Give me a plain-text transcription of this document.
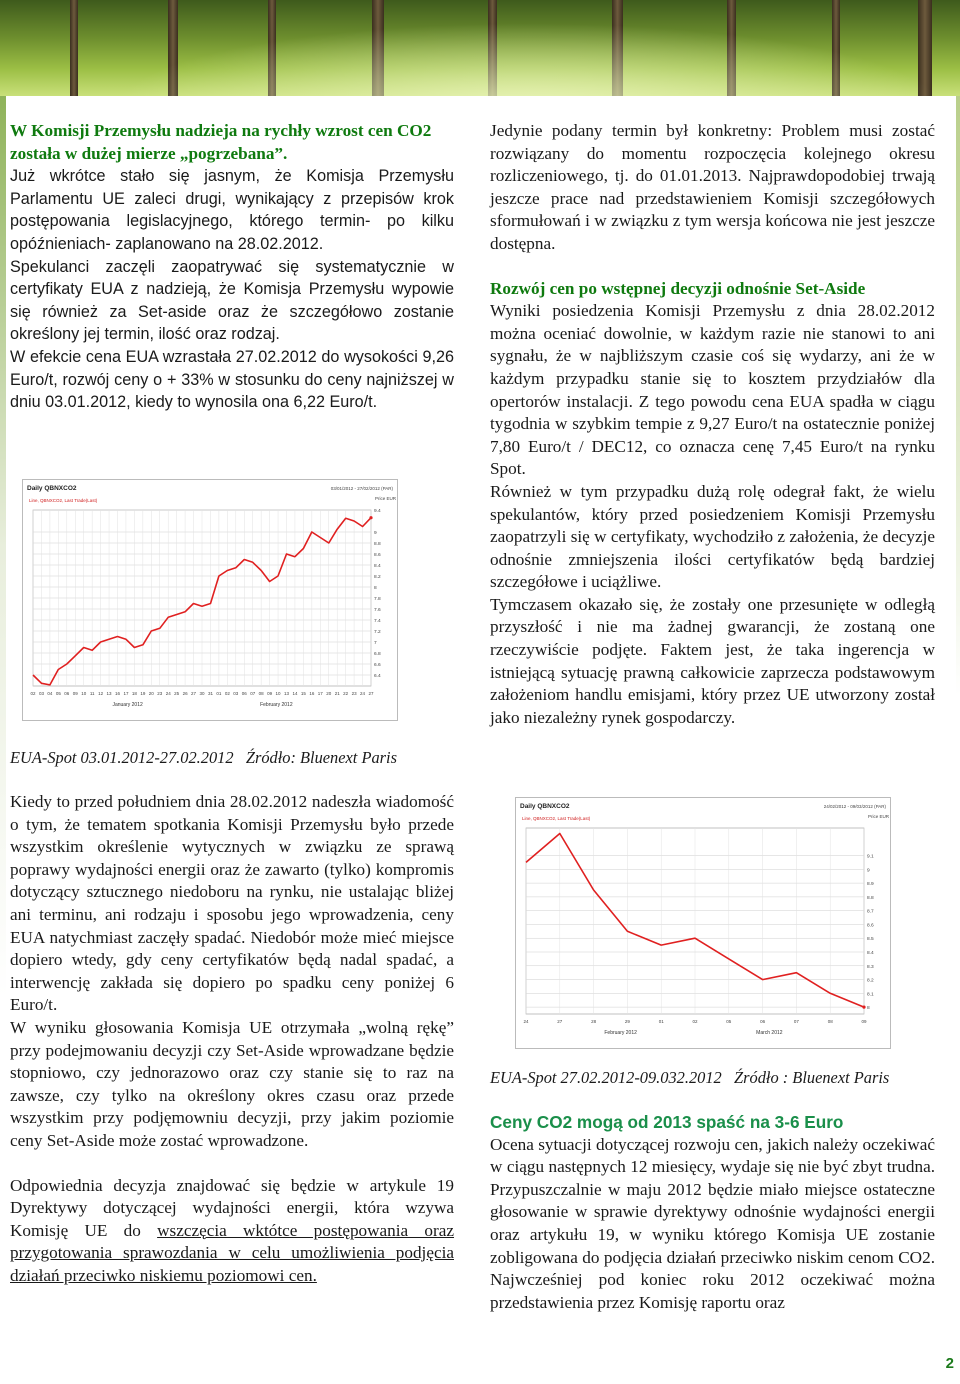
W Komisji Przemysłu nadzieja na rychły wzrost cen CO2 została w dużej mierze „pogrzebana”.

Już wkrótce stało się jasnym, że Komisja Przemysłu Parlamentu UE zaleci drugi, wynikający z przepisów krok postępowania legislacyjnego, którego termin- po kilku opóźnieniach- zaplanowano na 28.02.2012.

Spekulanci zaczęli zaopatrywać się systematycznie w certyfikaty EUA z nadzieją, że Komisja Przemysłu wypowie się również za Set-aside oraz że szczegółowo zostanie określony jej termin, ilość oraz rodzaj.

W efekcie cena EUA wzrastała 27.02.2012 do wysokości 9,26 Euro/t, rozwój ceny o + 33% w stosunku do ceny najniższej w dniu 03.01.2012, kiedy to wynosila ona 6,22 Euro/t.

Daily QBNXCO2
Line, QBNXCO2, Last Trade(Last)
03/01/2012 - 27/02/2012 (PAR)
Price EUR
9.4
9
8.8
8.6
8.4
8.2
8
7.8
7.6
7.4
7.2
7
6.8
6.6
6.4
02 03 04 05 06 09 10 11 12 13 16 17 18 19 20 23 24 25 26 27 30 31 01 02 03 06 07 08 09 10 13 14 15 16 17 20 21 22 23 24 27
January 2012	February 2012

EUA-Spot 03.01.2012-27.02.2012   Źródło: Bluenext Paris

Kiedy to przed południem dnia 28.02.2012 nadeszła wiadomość o tym, że tematem spotkania Komisji Przemysłu było przede wszystkim określenie wytycznych w związku ze sprawą poprawy wydajności energii oraz że zawarto (tylko) kompromis dotyczący sztucznego niedoboru na rynku, nie ustalając bliżej ani terminu, ani rodzaju i sposobu jego wprowadzenia, ceny EUA natychmiast zaczęły spadać. Niedobór może mieć miejsce dopiero wtedy, gdy ceny certyfikatów będą nadal spadać, a interwencję zakłada się dopiero po spadku ceny poniżej 6 Euro/t.

W wyniku głosowania Komisja UE otrzymała „wolną rękę” przy podejmowaniu decyzji czy Set-Aside wprowadzane będzie stopniowo, czy jednorazowo oraz czy stanie się to raz na zawsze, czy tylko na określony okres czasu oraz przede wszystkim przy podjęmowniu decyzji, przy jakim poziomie ceny Set-Aside może zostać wprowadzone.

Odpowiednia decyzja znajdować się będzie w artykule 19 Dyrektywy dotyczącej wydajności energii, która wzywa Komisję UE do wszczęcia wktótce postępowania oraz przygotowania sprawozdania w celu umożliwienia podjęcia działań przeciwko niskiemu poziomowi cen.

Jedynie podany termin był konkretny: Problem musi zostać rozwiązany do momentu rozpoczęcia kolejnego okresu rozliczeniowego, tj. do 01.01.2013. Najprawdopodobiej trwają jeszcze prace nad przedstawieniem Komisji szczegółowych sformułowań i w związku z tym wersja końcowa nie jest jeszcze dostępna.

Rozwój cen po wstępnej decyzji odnośnie Set-Aside

Wyniki posiedzenia Komisji Przemysłu z dnia 28.02.2012 można oceniać dowolnie, w każdym razie nie stanowi to ani sygnału, że w najbliższym czasie coś się wydarzy, ani że w każdym przypadku stanie się to kosztem przydziałów dla opertorów instalacji. Z tego powodu cena EUA spadła w ciągu tygodnia w szybkim tempie z 9,27 Euro/t na ostatecznie poniżej 7,80 Euro/t / DEC12, co oznacza cenę 7,45 Euro/t na rynku Spot.

Również w tym przypadku dużą rolę odegrał fakt, że wielu spekulantów, który przed posiedzeniem Komisji Przemysłu zaopatrzyli się w certyfikaty, wychodziło z założenia, że decyzje odnośnie zmniejszenia ilości certyfikatów będą bardziej szczegółowe i uciążliwe.

Tymczasem okazało się, że zostały one przesunięte w odległą przyszłość i nie ma żadnej gwarancji, że zostaną one rzeczywiście podjęte. Faktem jest, że taka ingerencja w istniejącą sytuację prawną całkowicie zaprzecza podstawowym założeniom handlu emisjami, który przez UE utworzony został jako niezależny rynek gospodarczy.

Daily QBNXCO2
Line, QBNXCO2, Last Trade(Last)
24/02/2012 - 09/03/2012 (PAR)
Price EUR
9.1
9
8.9
8.8
8.7
8.6
8.5
8.4
8.3
8.2
8.1
8
24	27	28	29	01	02	05	06	07	08	09
February 2012	March 2012

EUA-Spot 27.02.2012-09.032.2012   Źródło : Bluenext Paris

Ceny CO2 mogą od 2013 spaść na 3-6 Euro

Ocena sytuacji dotyczącej rozwoju cen, jakich należy oczekiwać w ciągu następnych 12 miesięcy, wydaje się nie być zbyt trudna. Przypuszczalnie w maju 2012 będzie miało miejsce ostateczne głosowanie w sprawie dyrektywy odnośnie wydajności energii oraz artykułu 19, w wyniku którego Komisja UE zostanie zobligowana do podjęcia działań przeciwko niskim cenom CO2. Najwcześniej pod koniec roku 2012 oczekiwać można przedstawienia przez Komisję raportu oraz

2
